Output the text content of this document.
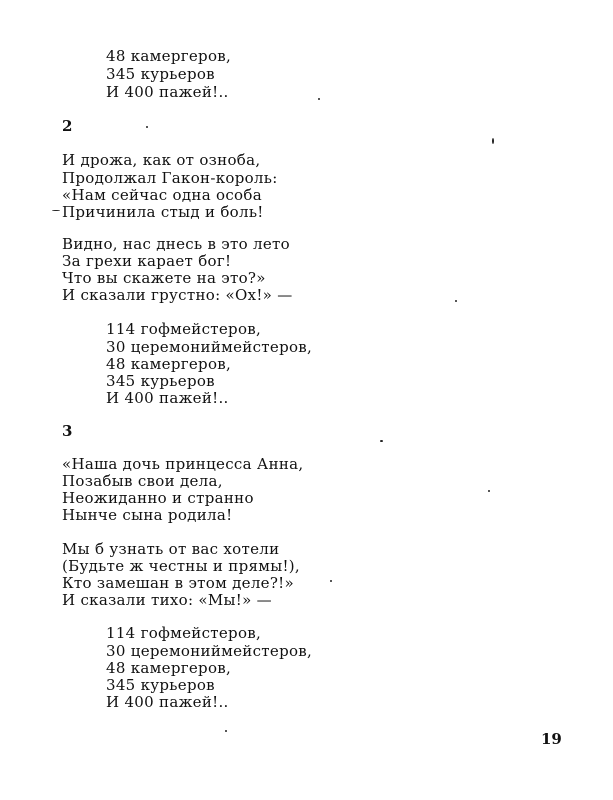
48 камергеров,
345 курьеров
И 400 пажей!..
2
И дрожа, как от озноба,
Продолжал Гакон-король:
«Нам сейчас одна особа
Причинила стыд и боль!
Видно, нас днесь в это лето
За грехи карает бог!
Что вы скажете на это?»
И сказали грустно: «Ох!» —
114 гофмейстеров,
30 церемониймейстеров,
48 камергеров,
345 курьеров
И 400 пажей!..
3
«Наша дочь принцесса Анна,
Позабыв свои дела,
Неожиданно и странно
Нынче сына родила!
Мы б узнать от вас хотели
(Будьте ж честны и прямы!),
Кто замешан в этом деле?!»
И сказали тихо: «Мы!» —
114 гофмейстеров,
30 церемониймейстеров,
48 камергеров,
345 курьеров
И 400 пажей!..
19
